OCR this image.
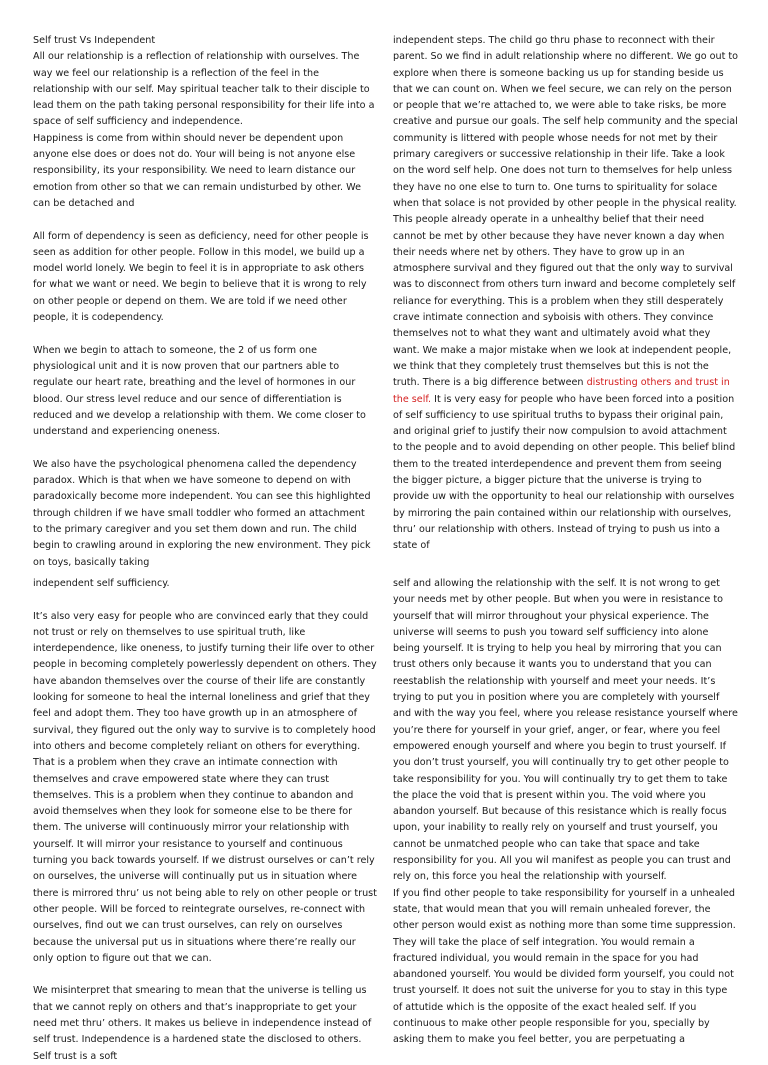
Self trust Vs Independent

All our relationship is a reflection of relationship with ourselves. The way we feel our relationship is a reflection of the feel in the relationship with our self. May spiritual teacher talk to their disciple to lead them on the path taking personal responsibility for their life into a space of self sufficiency and independence.

Happiness is come from within should never be dependent upon anyone else does or does not do. Your will being is not anyone else responsibility, its your responsibility. We need to learn distance our emotion from other so that we can remain undisturbed by other. We can be detached and

All form of dependency is seen as deficiency, need for other people is seen as addition for other people. Follow in this model, we build up a model world lonely. We begin to feel it is in appropriate to ask others for what we want or need. We begin to believe that it is wrong to rely on other people or depend on them. We are told if we need other people, it is codependency.

When we begin to attach to someone, the 2 of us form one physiological unit and it is now proven that our partners able to regulate our heart rate, breathing and the level of hormones in our blood. Our stress level reduce and our sence of differentiation is reduced and we develop a relationship with them. We come closer to understand and experiencing oneness.

We also have the psychological phenomena called the dependency paradox. Which is that when we have someone to depend on with paradoxically become more independent. You can see this highlighted through children if we have small toddler who formed an attachment to the primary caregiver and you set them down and run. The child begin to crawling around in exploring the new environment. They pick on toys, basically taking

independent steps. The child go thru phase to reconnect with their parent. So we find in adult relationship where no different. We go out to explore when there is someone backing us up for standing beside us that we can count on. When we feel secure, we can rely on the person or people that we’re attached to, we were able to take risks, be more creative and pursue our goals. The self help community and the special community is littered with people whose needs for not met by their primary caregivers or successive relationship in their life. Take a look on the word self help. One does not turn to themselves for help unless they have no one else to turn to. One turns to spirituality for solace when that solace is not provided by other people in the physical reality. This people already operate in a unhealthy belief that their need cannot be met by other because they have never known a day when their needs where net by others. They have to grow up in an atmosphere survival and they figured out that the only way to survival was to disconnect from others turn inward and become completely self reliance for everything. This is a problem when they still desperately crave intimate connection and syboisis with others. They convince themselves not to what they want and ultimately avoid what they want. We make a major mistake when we look at independent people, we think that they completely trust themselves but this is not the truth. There is a big difference between distrusting others and trust in the self. It is very easy for people who have been forced into a position of self sufficiency to use spiritual truths to bypass their original pain, and original grief to justify their now compulsion to avoid attachment to the people and to avoid depending on other people. This belief blind them to the treated interdependence and prevent them from seeing the bigger picture, a bigger picture that the universe is trying to provide uw with the opportunity to heal our relationship with ourselves by mirroring the pain contained within our relationship with ourselves, thru’ our relationship with others. Instead of trying to push us into a state of

independent self sufficiency.

It’s also very easy for people who are convinced early that they could not trust or rely on themselves to use spiritual truth, like interdependence, like oneness, to justify turning their life over to other people in becoming completely powerlessly dependent on others. They have abandon themselves over the course of their life are constantly looking for someone to heal the internal loneliness and grief that they feel and adopt them. They too have growth up in an atmosphere of survival, they figured out the only way to survive is to completely hood into others and become completely reliant on others for everything. That is a problem when they crave an intimate connection with themselves and crave empowered state where they can trust themselves. This is a problem when they continue to abandon and avoid themselves when they look for someone else to be there for them. The universe will continuously mirror your relationship with yourself. It will mirror your resistance to yourself and continuous turning you back towards yourself. If we distrust ourselves or can’t rely on ourselves, the universe will continually put us in situation where there is mirrored thru’ us not being able to rely on other people or trust other people. Will be forced to reintegrate ourselves, re-connect with ourselves, find out we can trust ourselves, can rely on ourselves because the universal put us in situations where there’re really our only option to figure out that we can.

We misinterpret that smearing to mean that the universe is telling us that we cannot reply on others and that’s inappropriate to get your need met thru’ others. It makes us believe in independence instead of self trust. Independence is a hardened state the disclosed to others. Self trust is a soft

self and allowing the relationship with the self. It is not wrong to get your needs met by other people. But when you were in resistance to yourself that will mirror throughout your physical experience. The universe will seems to push you toward self sufficiency into alone being yourself. It is trying to help you heal by mirroring that you can trust others only because it wants you to understand that you can reestablish the relationship with yourself and meet your needs. It’s trying to put you in position where you are completely with yourself and with the way you feel, where you release resistance yourself where you’re there for yourself in your grief, anger, or fear, where you feel empowered enough yourself and where you begin to trust yourself. If you don’t trust yourself, you will continually try to get other people to take responsibility for you. You will continually try to get them to take the place the void that is present within you. The void where you abandon yourself. But because of this resistance which is really focus upon, your inability to really rely on yourself and trust yourself, you cannot be unmatched people who can take that space and take responsibility for you. All you wil manifest as people you can trust and rely on, this force you heal the relationship with yourself.

If you find other people to take responsibility for yourself in a unhealed state, that would mean that you will remain unhealed forever, the other person would exist as nothing more than some time suppression. They will take the place of self integration. You would remain a fractured individual, you would remain in the space for you had abandoned yourself. You would be divided form yourself, you could not trust yourself. It does not suit the universe for you to stay in this type of attutide which is the opposite of the exact healed self. If you continuous to make other people responsible for you, specially by asking them to make you feel better, you are perpetuating a
